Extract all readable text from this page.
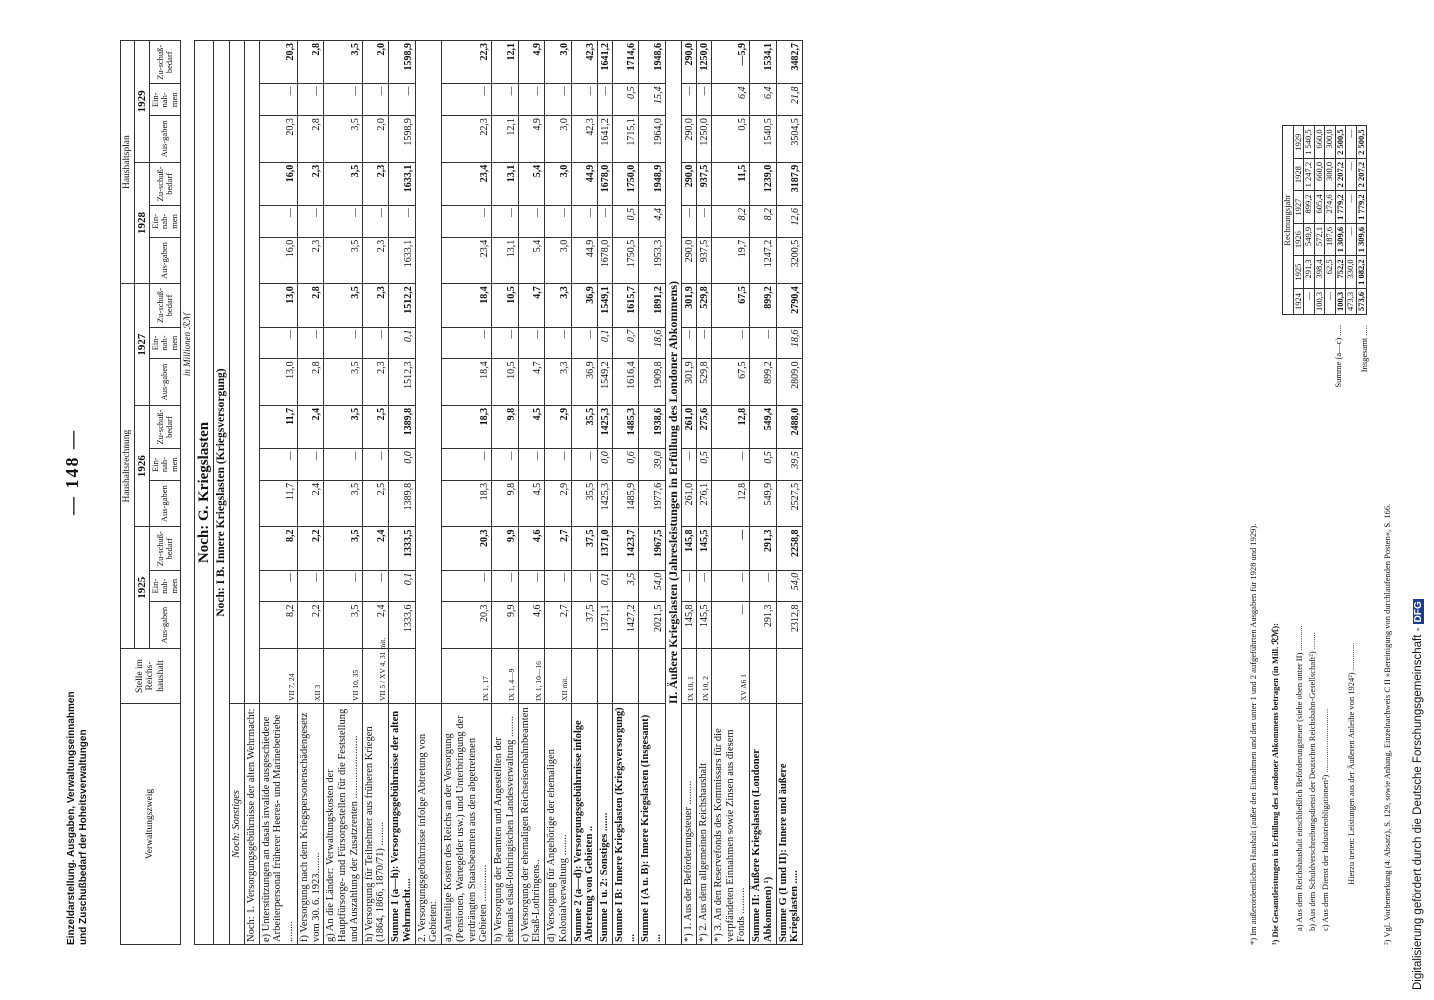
Einzeldarstellung. Ausgaben, Verwaltungseinnahmen und Zuschußbedarf der Hoheitsverwaltungen
— 148 —
Verwaltungszweig	Stelle im Reichs-haushalt	Haushaltsrechnung									Haushaltsplan					
		1925			1926			1927			1928			1929		
		Aus-gaben	Ein-nah-men	Zu-schuß-bedarf	Aus-gaben	Ein-nah-men	Zu-schuß-bedarf	Aus-gaben	Ein-nah-men	Zu-schuß-bedarf	Aus-gaben	Ein-nah-men	Zu-schuß-bedarf	Aus-gaben	Ein-nah-men	Zu-schuß-bedarf
		in Millionen ℛℳ														
Noch: G. Kriegslasten																
Noch: I B. Innere Kriegslasten (Kriegsversorgung)																
Noch: Sonstiges																
Noch: 1. Versorgungsgebührnisse der alten Wehrmacht:																
e) Unterstützungen an dasals invalide ausgeschiedene Arbeiterpersonal früherer Heeres- und Marinebetriebe ........	VII 7, 24	8,2	—	8,2	11,7	—	11,7	13,0	—	13,0	16,0	—	16,0	20,3	—	20,3
f) Versorgung nach dem Kriegspersonenschädengesetz vom 30. 6. 1923........	XII 3	2,2	—	2,2	2,4	—	2,4	2,8	—	2,8	2,3	—	2,3	2,8	—	2,8
g) An die Länder: Verwaltungskosten der Hauptfürsorge- und Fürsorgestellen für die Feststellung und Auszahlung der Zusatzrenten ........................	VII 10, 35	3,5	—	3,5	3,5	—	3,5	3,5	—	3,5	3,5	—	3,5	3,5	—	3,5
h) Versorgung für Teilnehmer aus früheren Kriegen (1864, 1866, 1870/71) .........	VII 5 / XV 4, 31 mit.	2,4	—	2,4	2,5	—	2,5	2,3	—	2,3	2,3	—	2,3	2,0	—	2,0
Summe 1 (a—h): Versorgungsgebührnisse der alten Wehrmacht....		1333,6	0,1	1333,5	1389,8	0,0	1389,8	1512,3	0,1	1512,2	1633,1	—	1633,1	1598,9	—	1598,9
2. Versorgungsgebührnisse infolge Abtretung von Gebieten:																
a) Anteilige Kosten des Reichs an der Versorgung (Pensionen, Wartegelder usw.) und Unterbringung der verdrängten Staatsbeamten aus den abgetretenen Gebieten ..............	IX 1, 17	20,3	—	20,3	18,3	—	18,3	18,4	—	18,4	23,4	—	23,4	22,3	—	22,3
b) Versorgung der Beamten und Angestellten der ehemals elsaß-lothringischen Landesverwaltung ........	IX 1, 4—9	9,9	—	9,9	9,8	—	9,8	10,5	—	10,5	13,1	—	13,1	12,1	—	12,1
c) Versorgung der ehemaligen Reichseisenbahnbeamten Elsaß-Lothringens..	IX 1, 10—16	4,6	—	4,6	4,5	—	4,5	4,7	—	4,7	5,4	—	5,4	4,9	—	4,9
d) Versorgung für Angehörige der ehemaligen Kolonialverwaltung ........	XII mit.	2,7	—	2,7	2,9	—	2,9	3,3	—	3,3	3,0	—	3,0	3,0	—	3,0
Summe 2 (a—d): Versorgungsgebührnisse infolge Abtretung von Gebieten ..		37,5	—	37,5	35,5	—	35,5	36,9	—	36,9	44,9	—	44,9	42,3	—	42,3
Summe 1 u. 2: Sonstiges .......		1371,1	0,1	1371,0	1425,3	0,0	1425,3	1549,2	0,1	1549,1	1678,0	—	1678,0	1641,2	—	1641,2
Summe I B: Innere Kriegslasten (Kriegsversorgung) ...		1427,2	3,5	1423,7	1485,9	0,6	1485,3	1616,4	0,7	1615,7	1750,5	0,5	1750,0	1715,1	0,5	1714,6
Summe I (A u. B): Innere Kriegslasten (Insgesamt) ...		2021,5	54,0	1967,5	1977,6	39,0	1938,6	1909,8	18,6	1891,2	1953,3	4,4	1948,9	1964,0	15,4	1948,6
II. Äußere Kriegslasten (Jahresleistungen in Erfüllung des Londoner Abkommens)																
*) 1. Aus der Beförderungsteuer .........	IX 10, 1	145,8	—	145,8	261,0	—	261,0	301,9	—	301,9	290,0	—	290,0	290,0	—	290,0
*) 2. Aus dem allgemeinen Reichshaushalt	IX 10, 2	145,5	—	145,5	276,1	0,5	275,6	529,8	—	529,8	937,5	—	937,5	1250,0	—	1250,0
*) 3. An den Reservefonds des Kommissars für die verpfändeten Einnahmen sowie Zinsen aus diesem Fonds ..........	XV A6 1	—	—	—	12,8	—	12,8	67,5	—	67,5	19,7	8,2	11,5	0,5	6,4	—5,9
Summe II: Äußere Kriegslasten (Londoner Abkommen) ¹)		291,3	—	291,3	549,9	0,5	549,4	899,2	—	899,2	1247,2	8,2	1239,0	1540,5	6,4	1534,1
Summe G (I und II): Innere und äußere Kriegslasten .....		2312,8	54,0	2258,8	2527,5	39,5	2488,0	2809,0	18,6	2790,4	3200,5	12,6	3187,9	3504,5	21,8	3482,7
*) Im außerordentlichen Haushalt (außer den Einnahmen und den unter 1 und 2 aufgeführten Ausgaben für 1928 und 1929). ¹) Die Gesamtleistungen in Erfüllung des Londoner Abkommens betragen (in Mill. ℛℳ): a) Aus dem Reichshaushalt einschließlich Beförderungsteuer (siehe oben unter II) ............ b) Aus dem Schuldverschreibungsdienst der Deutschen Reichsbahn-Gesellschaft²) ........ c) Aus dem Dienst der Industrieobligationen²) ..............................
Summe (a—c) .....
Hierzu treten: Leistungen aus der Äußeren Anleihe von 1924²) .............
Insgesamt .....
Rechnungsjahr					
1924	1925	1926	1927	1928	1929
—	291,3	549,9	899,2	1 247,2	1 540,5
100,3	398,4	572,1	605,4	660,0	660,0
—	62,5	187,6	274,6	300,0	300,0
100,3	752,2	1 309,6	1 779,2	2 207,2	2 500,5
473,3	330,0	—	—	—	—
573,6	1 082,2	1 309,6	1 779,2	2 207,2	2 500,5
²) Vgl. Vorbemerkung (4. Absatz), S. 129, sowie Anhang, Einzelnachweis C II »Bereinigung von durchlaufenden Posten«, S. 166. Digitalisierung gefördert durch die Deutsche Forschungsgemeinschaft - DFG
